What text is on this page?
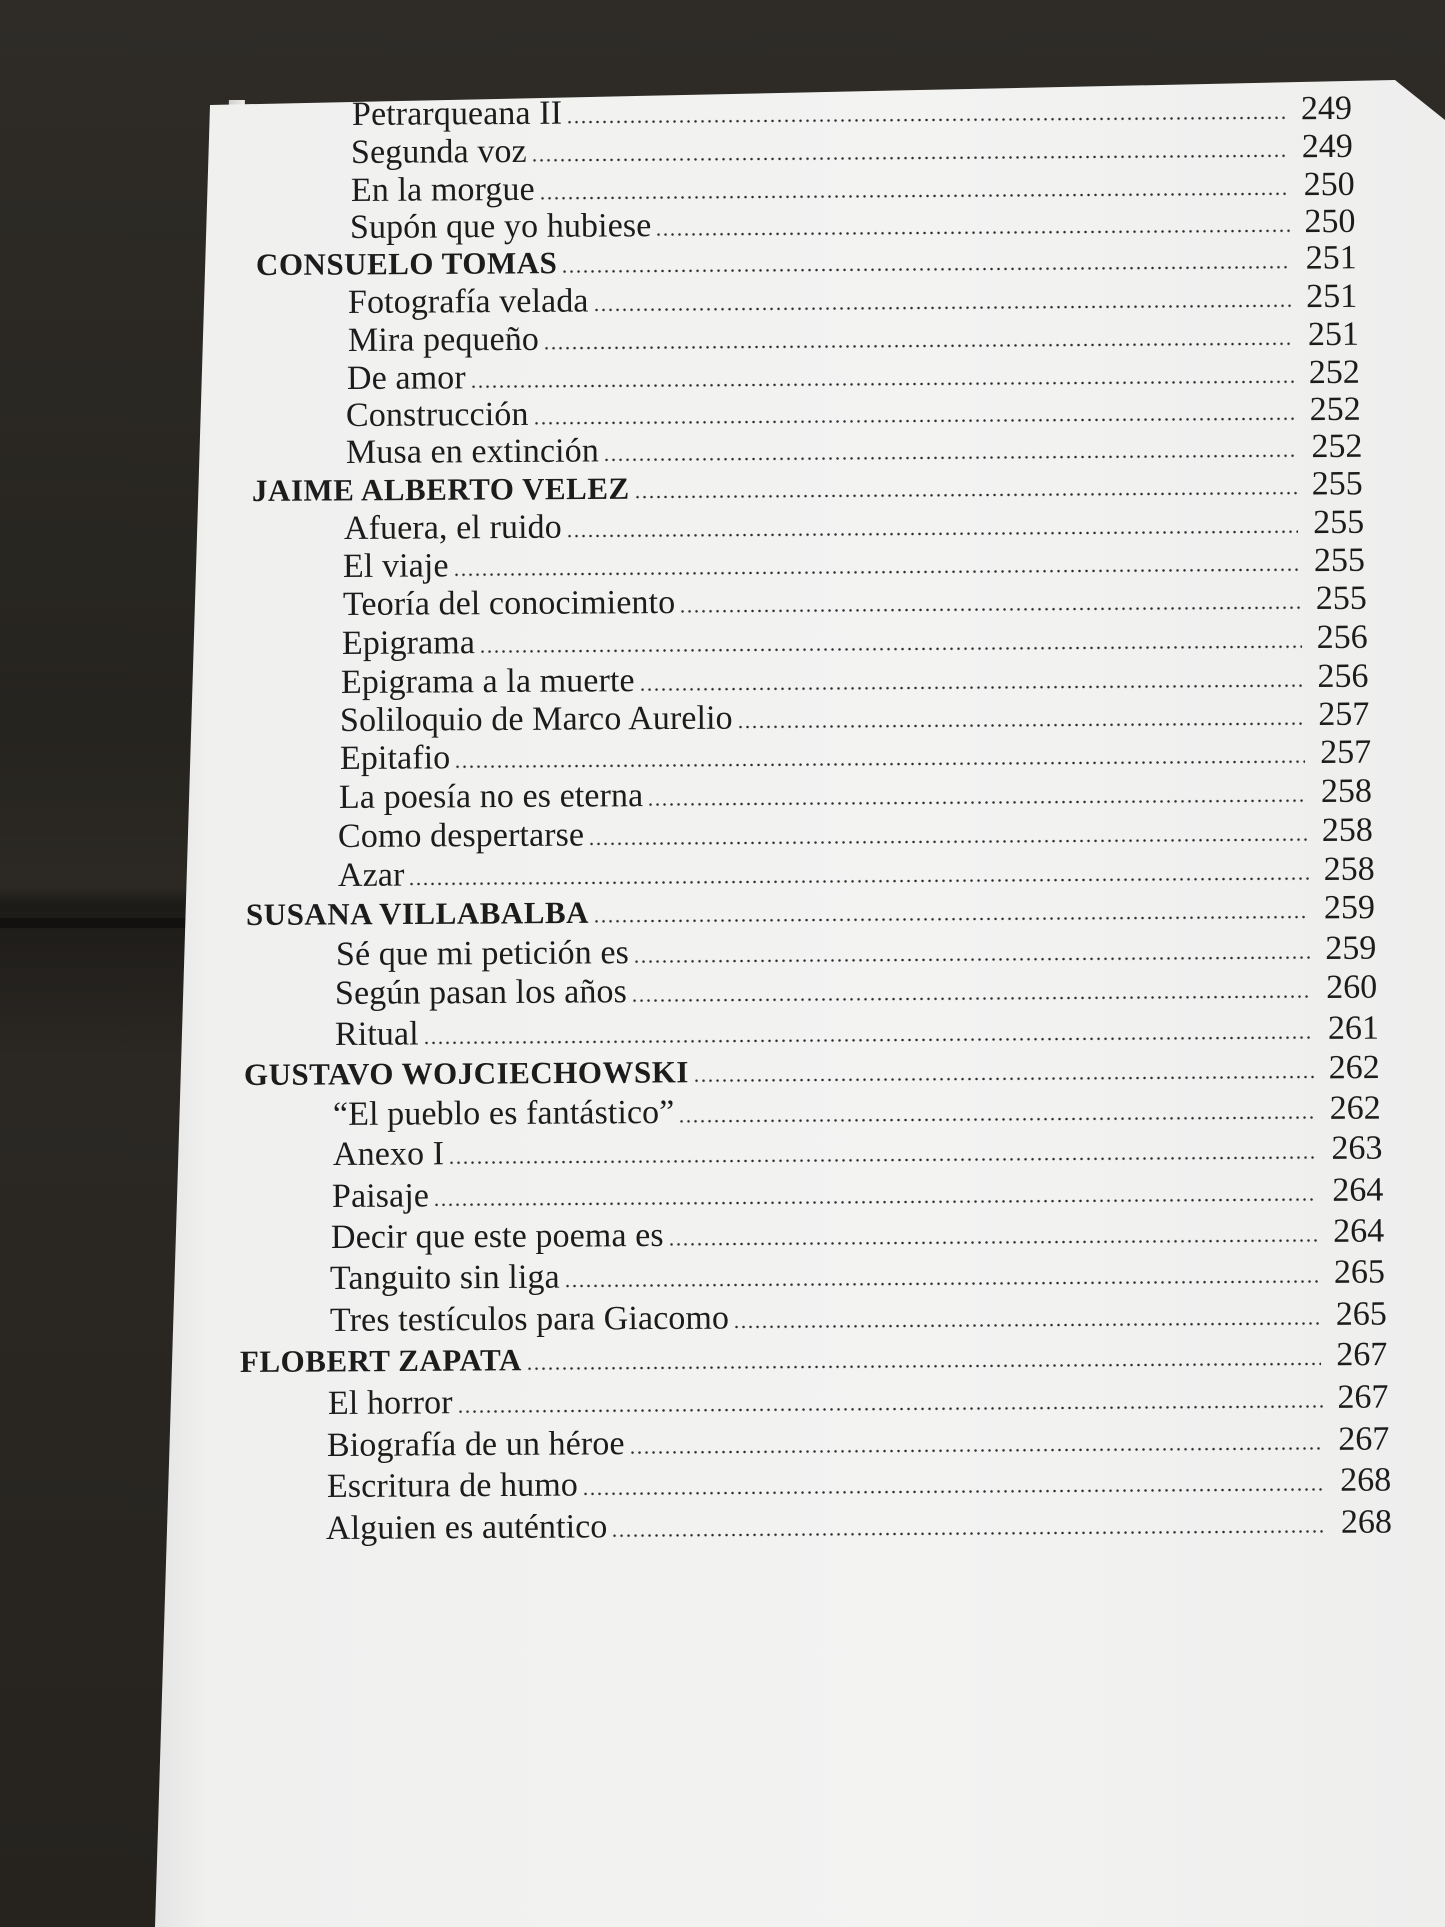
Petrarqueana II	249
Segunda voz	249
En la morgue	250
Supón que yo hubiese	250
CONSUELO TOMAS	251
Fotografía velada	251
Mira pequeño	251
De amor	252
Construcción	252
Musa en extinción	252
JAIME ALBERTO VELEZ	255
Afuera, el ruido	255
El viaje	255
Teoría del conocimiento	255
Epigrama	256
Epigrama a la muerte	256
Soliloquio de Marco Aurelio	257
Epitafio	257
La poesía no es eterna	258
Como despertarse	258
Azar	258
SUSANA VILLABALBA	259
Sé que mi petición es	259
Según pasan los años	260
Ritual	261
GUSTAVO WOJCIECHOWSKI	262
“El pueblo es fantástico”	262
Anexo I	263
Paisaje	264
Decir que este poema es	264
Tanguito sin liga	265
Tres testículos para Giacomo	265
FLOBERT ZAPATA	267
El horror	267
Biografía de un héroe	267
Escritura de humo	268
Alguien es auténtico	268
